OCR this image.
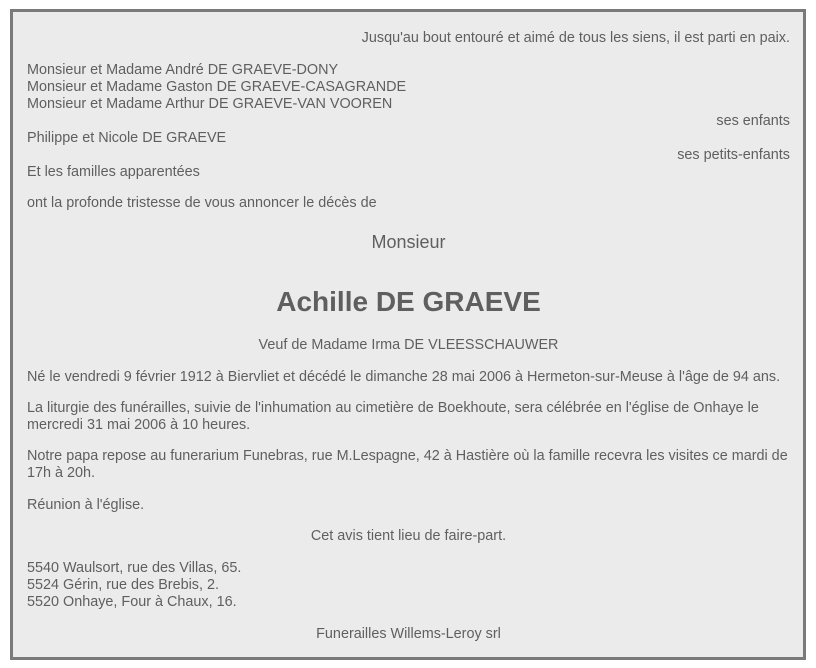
Jusqu'au bout entouré et aimé de tous les siens, il est parti en paix.
Monsieur et Madame André DE GRAEVE-DONY
Monsieur et Madame Gaston DE GRAEVE-CASAGRANDE
Monsieur et Madame Arthur DE GRAEVE-VAN VOOREN
ses enfants
Philippe et Nicole DE GRAEVE
ses petits-enfants
Et les familles apparentées
ont la profonde tristesse de vous annoncer le décès de
Monsieur
Achille DE GRAEVE
Veuf de Madame Irma DE VLEESSCHAUWER
Né le vendredi 9 février 1912 à Biervliet et décédé le dimanche 28 mai 2006 à Hermeton-sur-Meuse à l'âge de 94 ans.
La liturgie des funérailles, suivie de l'inhumation au cimetière de Boekhoute, sera célébrée en l'église de Onhaye le mercredi 31 mai 2006 à 10 heures.
Notre papa repose au funerarium Funebras, rue M.Lespagne, 42 à Hastière où la famille recevra les visites ce mardi de 17h à 20h.
Réunion à l'église.
Cet avis tient lieu de faire-part.
5540 Waulsort, rue des Villas, 65.
5524 Gérin, rue des Brebis, 2.
5520 Onhaye, Four à Chaux, 16.
Funerailles Willems-Leroy srl
